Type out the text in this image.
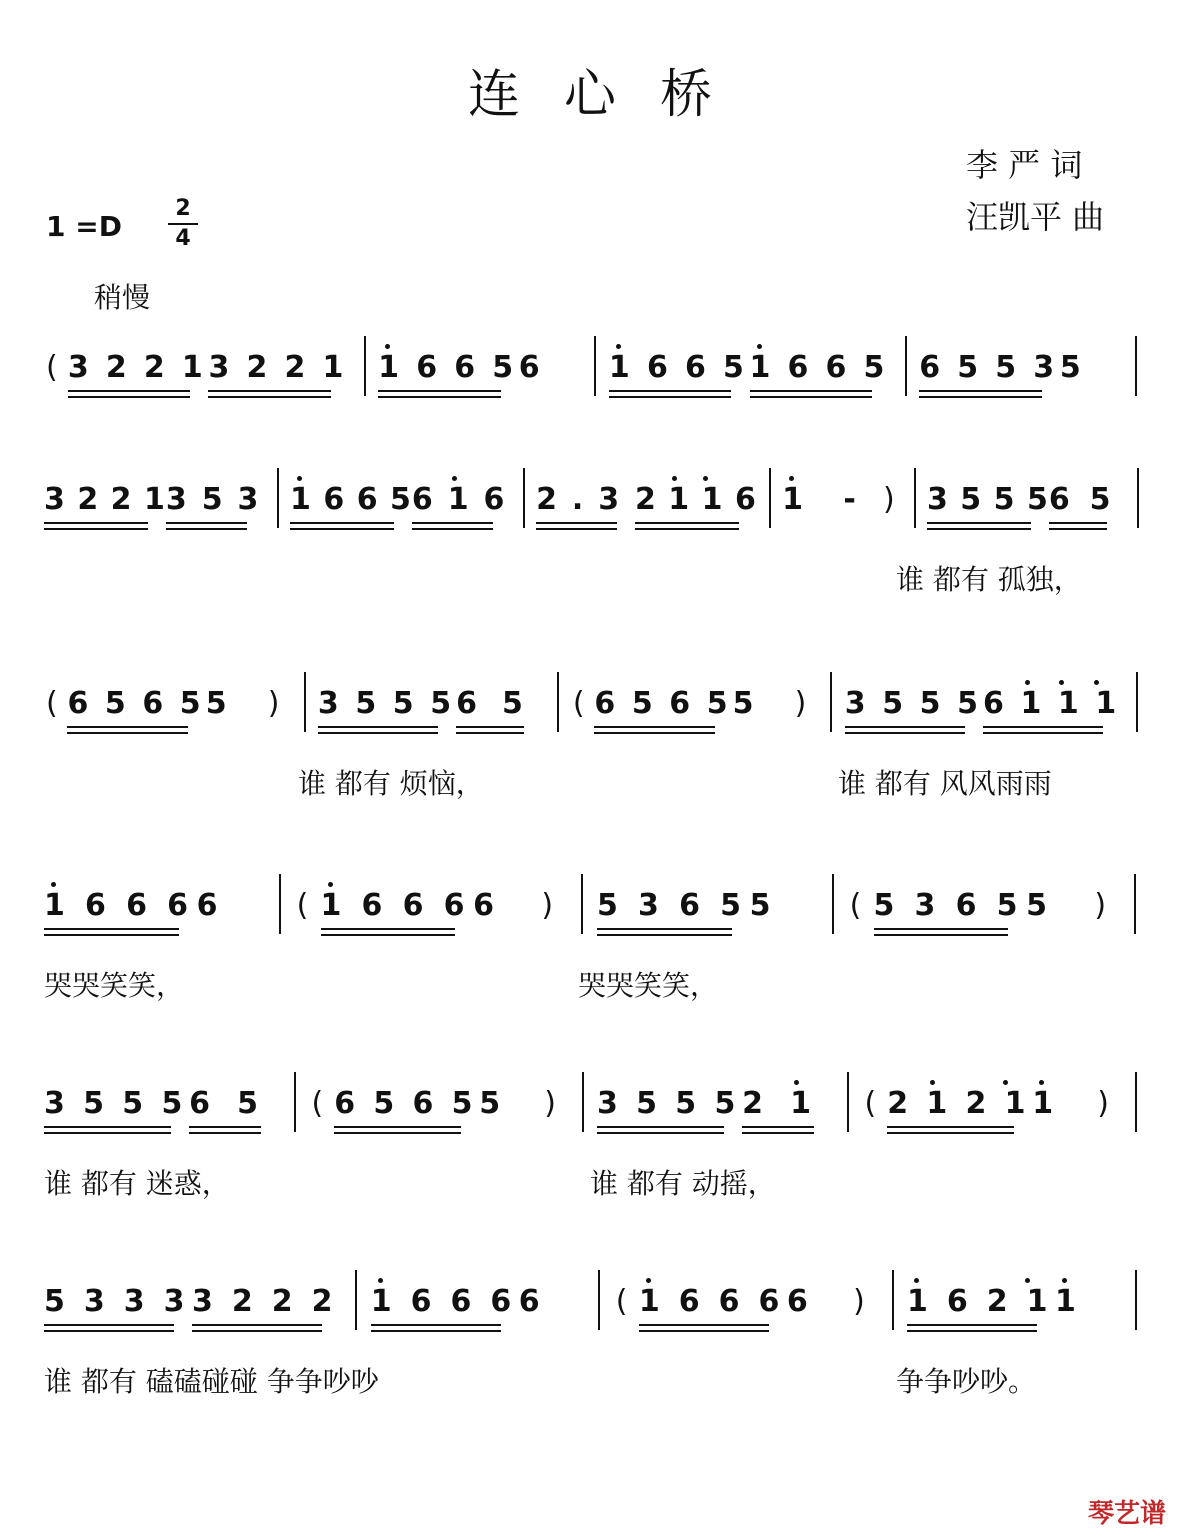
连心桥
李 严 词
汪凯平 曲
1 =D
2
4
稍慢
( 3221
3221 1665
6 1665
1665 6553
5
3221
353 1665
616 2.3 2116 1 - ) 3555
65
谁 都有 孤独，
( 6565
5 ) 3555
65 ( 6565
5 ) 3555
6111
谁 都有 烦恼，	谁 都有 风风雨雨
1666
6 ( 1666
6 ) 5365
5 ( 5365
5 )
哭哭笑笑，	哭哭笑笑，
3555
65 ( 6565
5 ) 3555
21 ( 2121
1 )
谁 都有 迷惑，	谁 都有 动摇，
5333
3222 1666
6 ( 1666
6 ) 1621
1
谁 都有 磕磕碰碰 争争吵吵	争争吵吵。
琴艺谱
